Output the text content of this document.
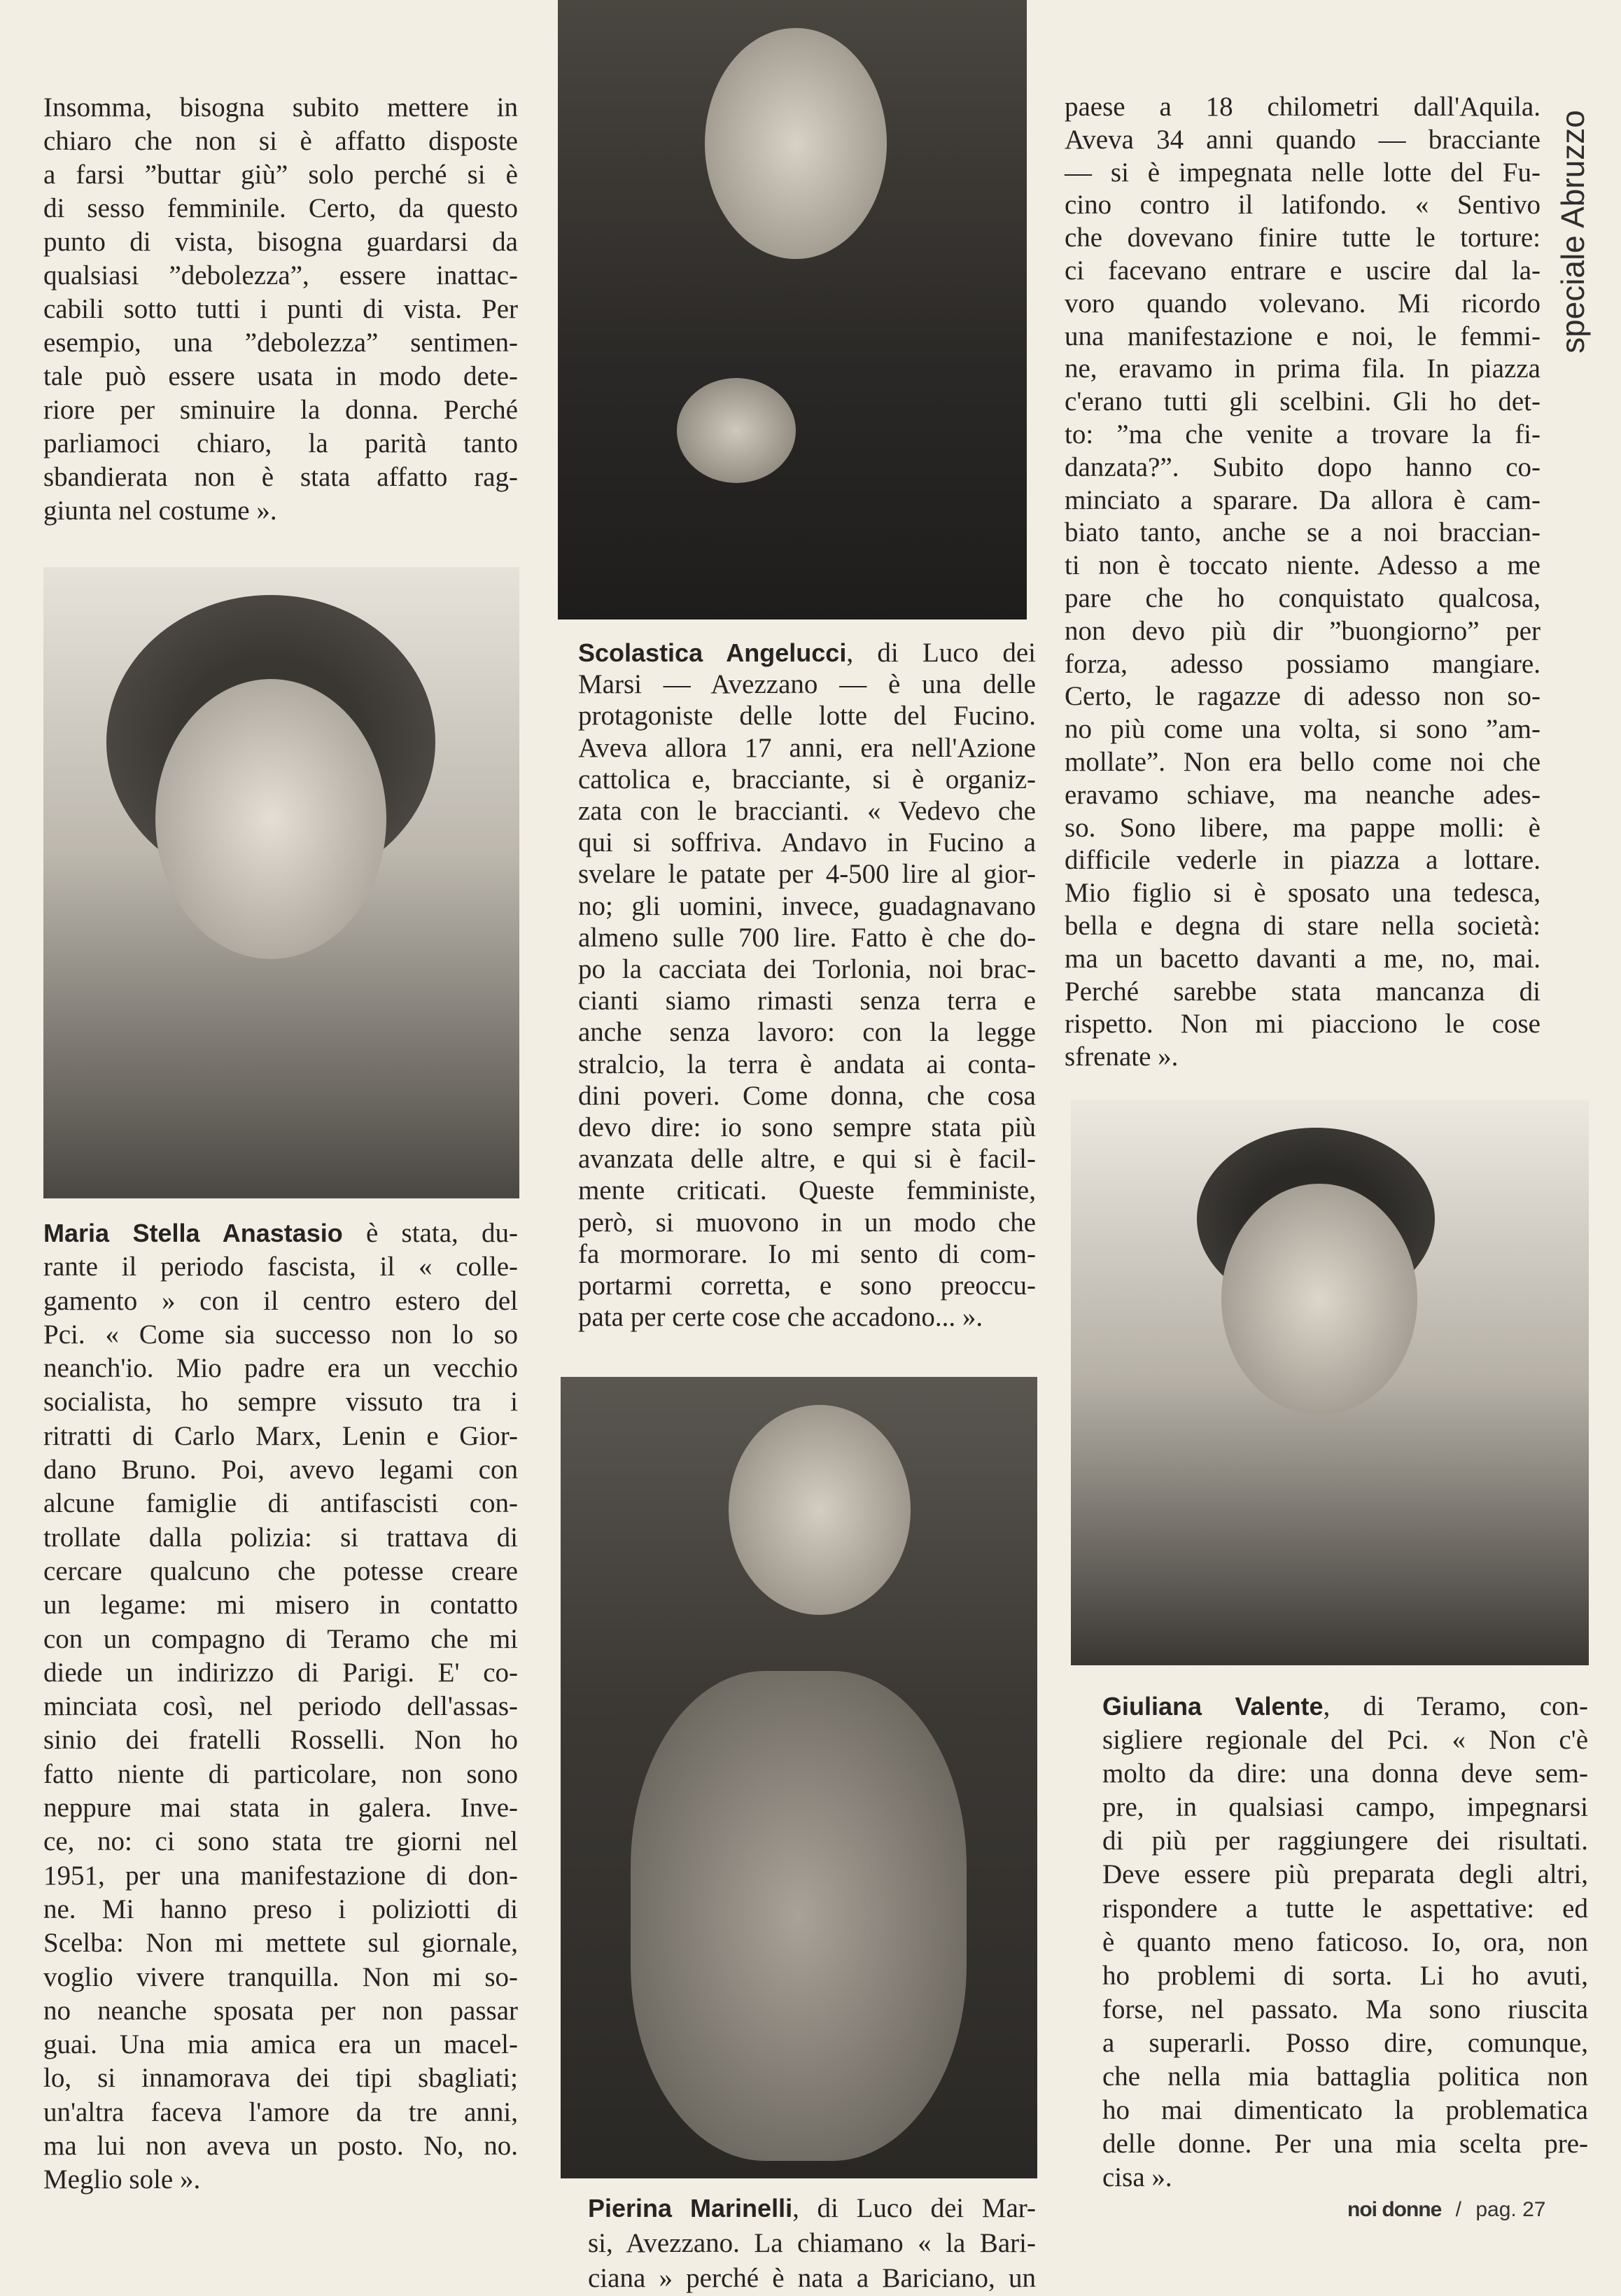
Insomma, bisogna subito mettere in
chiaro che non si è affatto disposte
a farsi ”buttar giù” solo perché si è
di sesso femminile. Certo, da questo
punto di vista, bisogna guardarsi da
qualsiasi ”debolezza”, essere inattac-
cabili sotto tutti i punti di vista. Per
esempio, una ”debolezza” sentimen-
tale può essere usata in modo dete-
riore per sminuire la donna. Perché
parliamoci chiaro, la parità tanto
sbandierata non è stata affatto rag-
giunta nel costume ».
Maria Stella Anastasio è stata, du-
rante il periodo fascista, il « colle-
gamento » con il centro estero del
Pci. « Come sia successo non lo so
neanch'io. Mio padre era un vecchio
socialista, ho sempre vissuto tra i
ritratti di Carlo Marx, Lenin e Gior-
dano Bruno. Poi, avevo legami con
alcune famiglie di antifascisti con-
trollate dalla polizia: si trattava di
cercare qualcuno che potesse creare
un legame: mi misero in contatto
con un compagno di Teramo che mi
diede un indirizzo di Parigi. E' co-
minciata così, nel periodo dell'assas-
sinio dei fratelli Rosselli. Non ho
fatto niente di particolare, non sono
neppure mai stata in galera. Inve-
ce, no: ci sono stata tre giorni nel
1951, per una manifestazione di don-
ne. Mi hanno preso i poliziotti di
Scelba: Non mi mettete sul giornale,
voglio vivere tranquilla. Non mi so-
no neanche sposata per non passar
guai. Una mia amica era un macel-
lo, si innamorava dei tipi sbagliati;
un'altra faceva l'amore da tre anni,
ma lui non aveva un posto. No, no.
Meglio sole ».
Scolastica Angelucci, di Luco dei
Marsi — Avezzano — è una delle
protagoniste delle lotte del Fucino.
Aveva allora 17 anni, era nell'Azione
cattolica e, bracciante, si è organiz-
zata con le braccianti. « Vedevo che
qui si soffriva. Andavo in Fucino a
svelare le patate per 4-500 lire al gior-
no; gli uomini, invece, guadagnavano
almeno sulle 700 lire. Fatto è che do-
po la cacciata dei Torlonia, noi brac-
cianti siamo rimasti senza terra e
anche senza lavoro: con la legge
stralcio, la terra è andata ai conta-
dini poveri. Come donna, che cosa
devo dire: io sono sempre stata più
avanzata delle altre, e qui si è facil-
mente criticati. Queste femministe,
però, si muovono in un modo che
fa mormorare. Io mi sento di com-
portarmi corretta, e sono preoccu-
pata per certe cose che accadono... ».
Pierina Marinelli, di Luco dei Mar-
si, Avezzano. La chiamano « la Bari-
ciana » perché è nata a Bariciano, un
paese a 18 chilometri dall'Aquila.
Aveva 34 anni quando — bracciante
— si è impegnata nelle lotte del Fu-
cino contro il latifondo. « Sentivo
che dovevano finire tutte le torture:
ci facevano entrare e uscire dal la-
voro quando volevano. Mi ricordo
una manifestazione e noi, le femmi-
ne, eravamo in prima fila. In piazza
c'erano tutti gli scelbini. Gli ho det-
to: ”ma che venite a trovare la fi-
danzata?”. Subito dopo hanno co-
minciato a sparare. Da allora è cam-
biato tanto, anche se a noi braccian-
ti non è toccato niente. Adesso a me
pare che ho conquistato qualcosa,
non devo più dir ”buongiorno” per
forza, adesso possiamo mangiare.
Certo, le ragazze di adesso non so-
no più come una volta, si sono ”am-
mollate”. Non era bello come noi che
eravamo schiave, ma neanche ades-
so. Sono libere, ma pappe molli: è
difficile vederle in piazza a lottare.
Mio figlio si è sposato una tedesca,
bella e degna di stare nella società:
ma un bacetto davanti a me, no, mai.
Perché sarebbe stata mancanza di
rispetto. Non mi piacciono le cose
sfrenate ».
Giuliana Valente, di Teramo, con-
sigliere regionale del Pci. « Non c'è
molto da dire: una donna deve sem-
pre, in qualsiasi campo, impegnarsi
di più per raggiungere dei risultati.
Deve essere più preparata degli altri,
rispondere a tutte le aspettative: ed
è quanto meno faticoso. Io, ora, non
ho problemi di sorta. Li ho avuti,
forse, nel passato. Ma sono riuscita
a superarli. Posso dire, comunque,
che nella mia battaglia politica non
ho mai dimenticato la problematica
delle donne. Per una mia scelta pre-
cisa ».
speciale Abruzzo
noi donne / pag. 27
